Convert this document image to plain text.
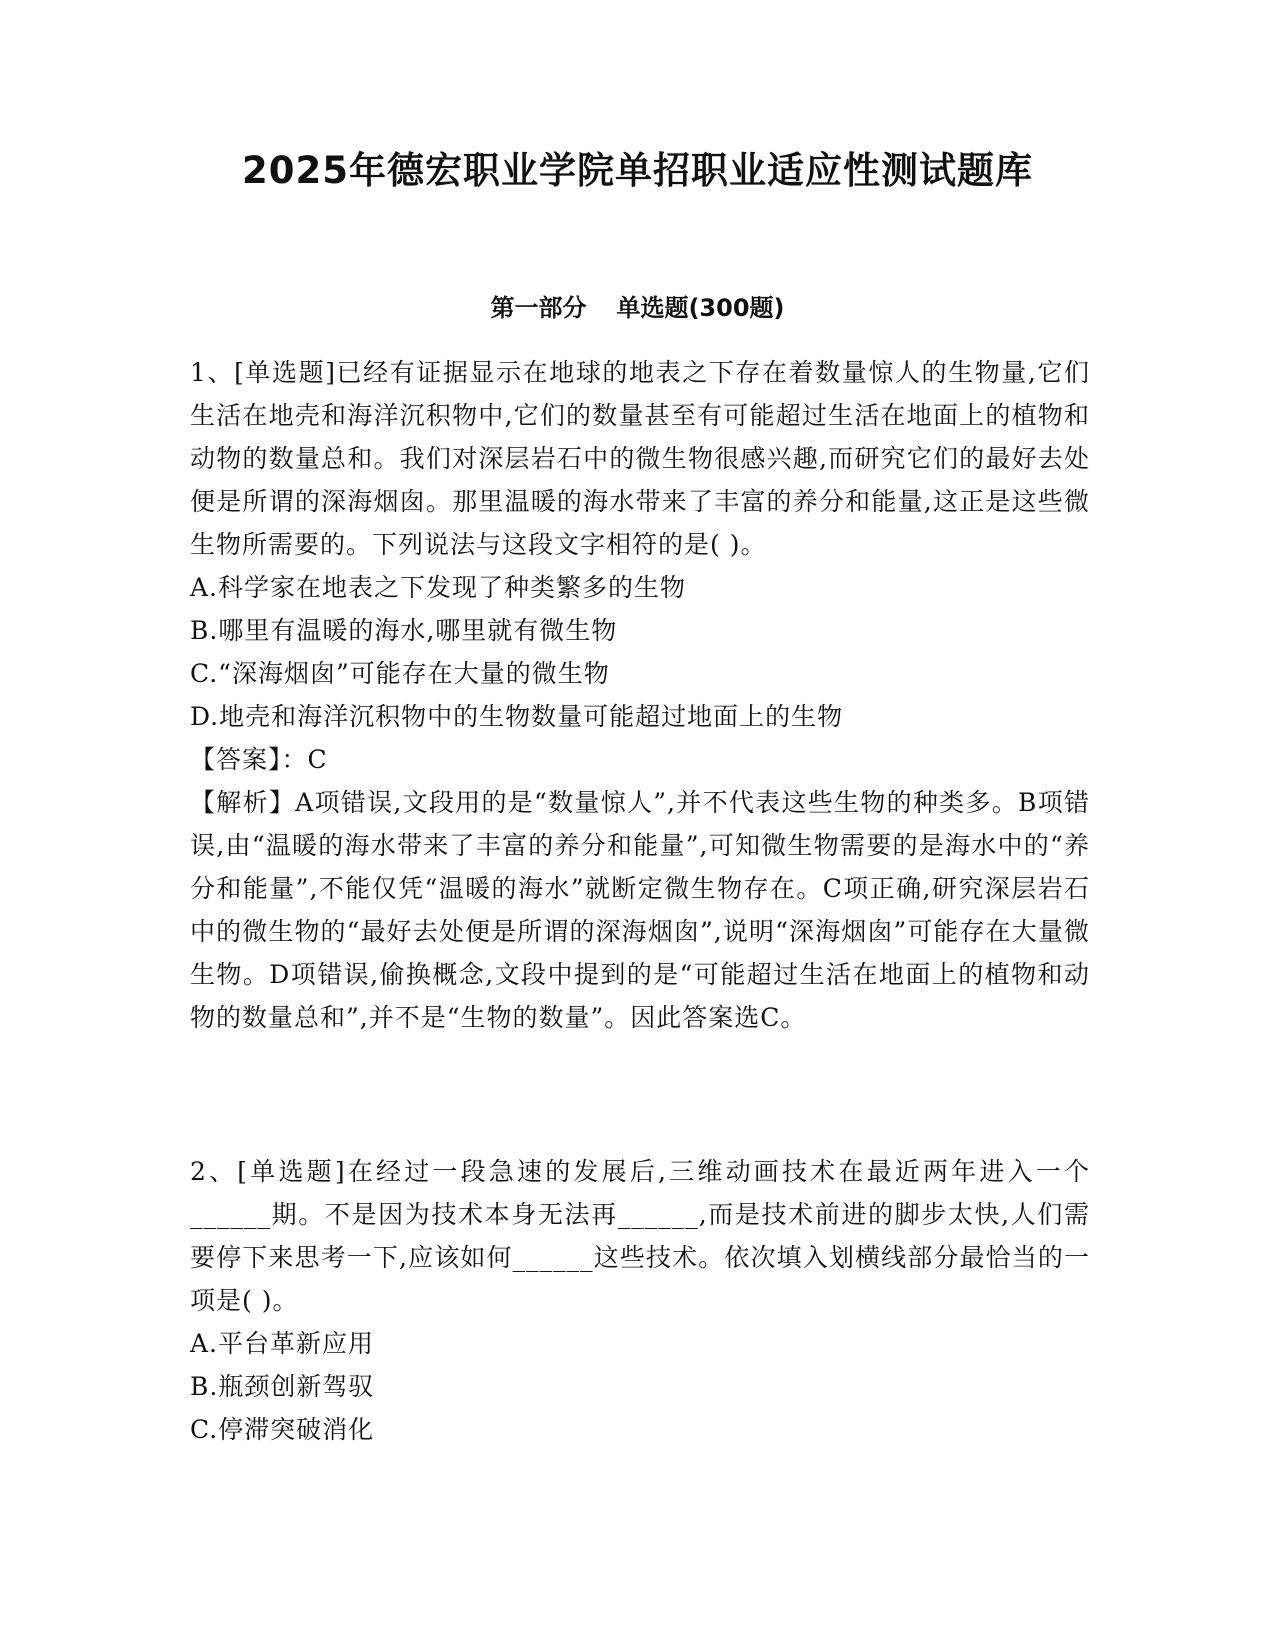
2025年德宏职业学院单招职业适应性测试题库
第一部分 单选题(300题)

1、[单选题]已经有证据显示在地球的地表之下存在着数量惊人的生物量,它们生活在地壳和海洋沉积物中,它们的数量甚至有可能超过生活在地面上的植物和动物的数量总和。我们对深层岩石中的微生物很感兴趣,而研究它们的最好去处便是所谓的深海烟囱。那里温暖的海水带来了丰富的养分和能量,这正是这些微生物所需要的。下列说法与这段文字相符的是( )。

A.科学家在地表之下发现了种类繁多的生物

B.哪里有温暖的海水,哪里就有微生物

C.“深海烟囱”可能存在大量的微生物

D.地壳和海洋沉积物中的生物数量可能超过地面上的生物

【答案】：C

【解析】A项错误,文段用的是“数量惊人”,并不代表这些生物的种类多。B项错误,由“温暖的海水带来了丰富的养分和能量”,可知微生物需要的是海水中的“养分和能量”,不能仅凭“温暖的海水”就断定微生物存在。C项正确,研究深层岩石中的微生物的“最好去处便是所谓的深海烟囱”,说明“深海烟囱”可能存在大量微生物。D项错误,偷换概念,文段中提到的是“可能超过生活在地面上的植物和动物的数量总和”,并不是“生物的数量”。因此答案选C。

2、[单选题]在经过一段急速的发展后,三维动画技术在最近两年进入一个______期。不是因为技术本身无法再______,而是技术前进的脚步太快,人们需要停下来思考一下,应该如何______这些技术。依次填入划横线部分最恰当的一项是( )。

A.平台革新应用

B.瓶颈创新驾驭

C.停滞突破消化
